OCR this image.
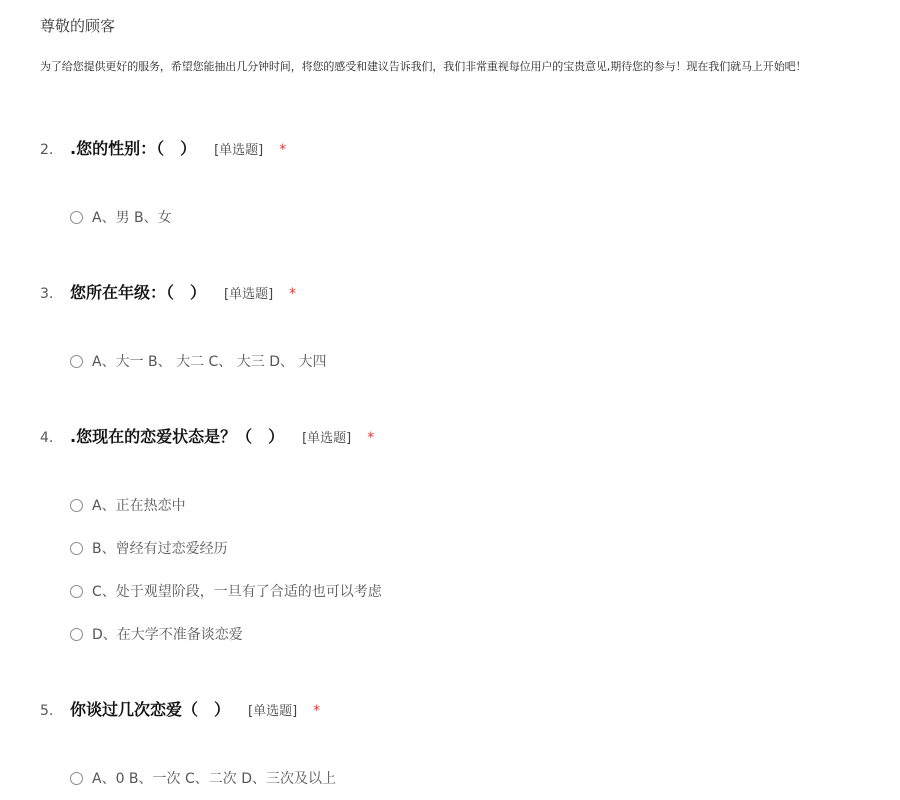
尊敬的顾客
为了给您提供更好的服务，希望您能抽出几分钟时间，将您的感受和建议告诉我们，我们非常重视每位用户的宝贵意见,期待您的参与！现在我们就马上开始吧！
2.	.您的性别：（　） [单选题] *
A、男 B、女
3.	您所在年级：（　） [单选题] *
A、大一 B、 大二 C、 大三 D、 大四
4.	.您现在的恋爱状态是？（　） [单选题] *
A、正在热恋中
B、曾经有过恋爱经历
C、处于观望阶段，一旦有了合适的也可以考虑
D、在大学不准备谈恋爱
5.	你谈过几次恋爱（　） [单选题] *
A、0 B、一次 C、二次 D、三次及以上
